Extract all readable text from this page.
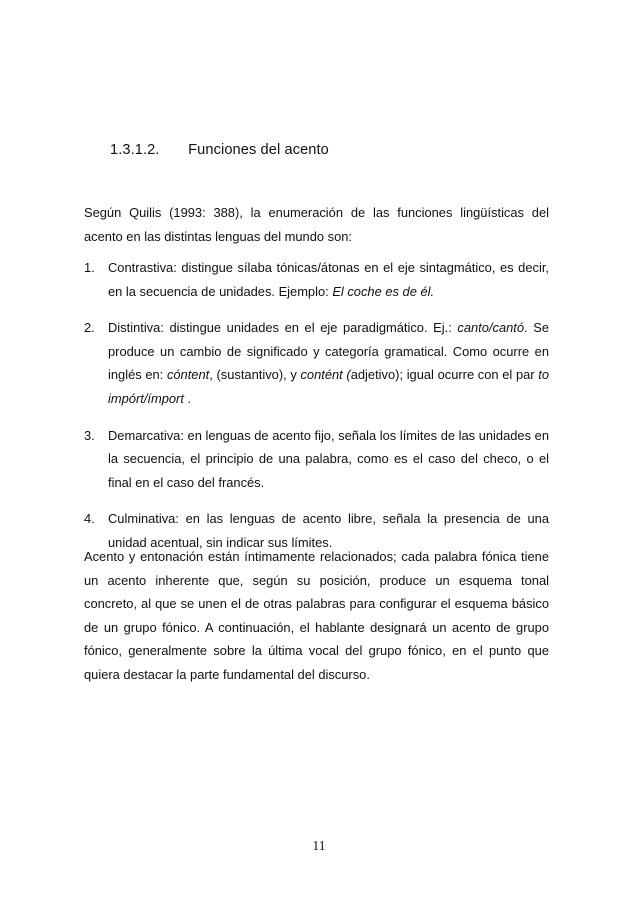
1.3.1.2. Funciones del acento

Según Quilis (1993: 388), la enumeración de las funciones lingüísticas del acento en las distintas lenguas del mundo son:

1. Contrastiva: distingue sílaba tónicas/átonas en el eje sintagmático, es decir, en la secuencia de unidades. Ejemplo: El coche es de él.
2. Distintiva: distingue unidades en el eje paradigmático. Ej.: canto/cantó. Se produce un cambio de significado y categoría gramatical. Como ocurre en inglés en: cóntent, (sustantivo), y contént (adjetivo); igual ocurre con el par to impórt/ímport .
3. Demarcativa: en lenguas de acento fijo, señala los límites de las unidades en la secuencia, el principio de una palabra, como es el caso del checo, o el final en el caso del francés.
4. Culminativa: en las lenguas de acento libre, señala la presencia de una unidad acentual, sin indicar sus límites.

Acento y entonación están íntimamente relacionados; cada palabra fónica tiene un acento inherente que, según su posición, produce un esquema tonal concreto, al que se unen el de otras palabras para configurar el esquema básico de un grupo fónico. A continuación, el hablante designará un acento de grupo fónico, generalmente sobre la última vocal del grupo fónico, en el punto que quiera destacar la parte fundamental del discurso.

11
